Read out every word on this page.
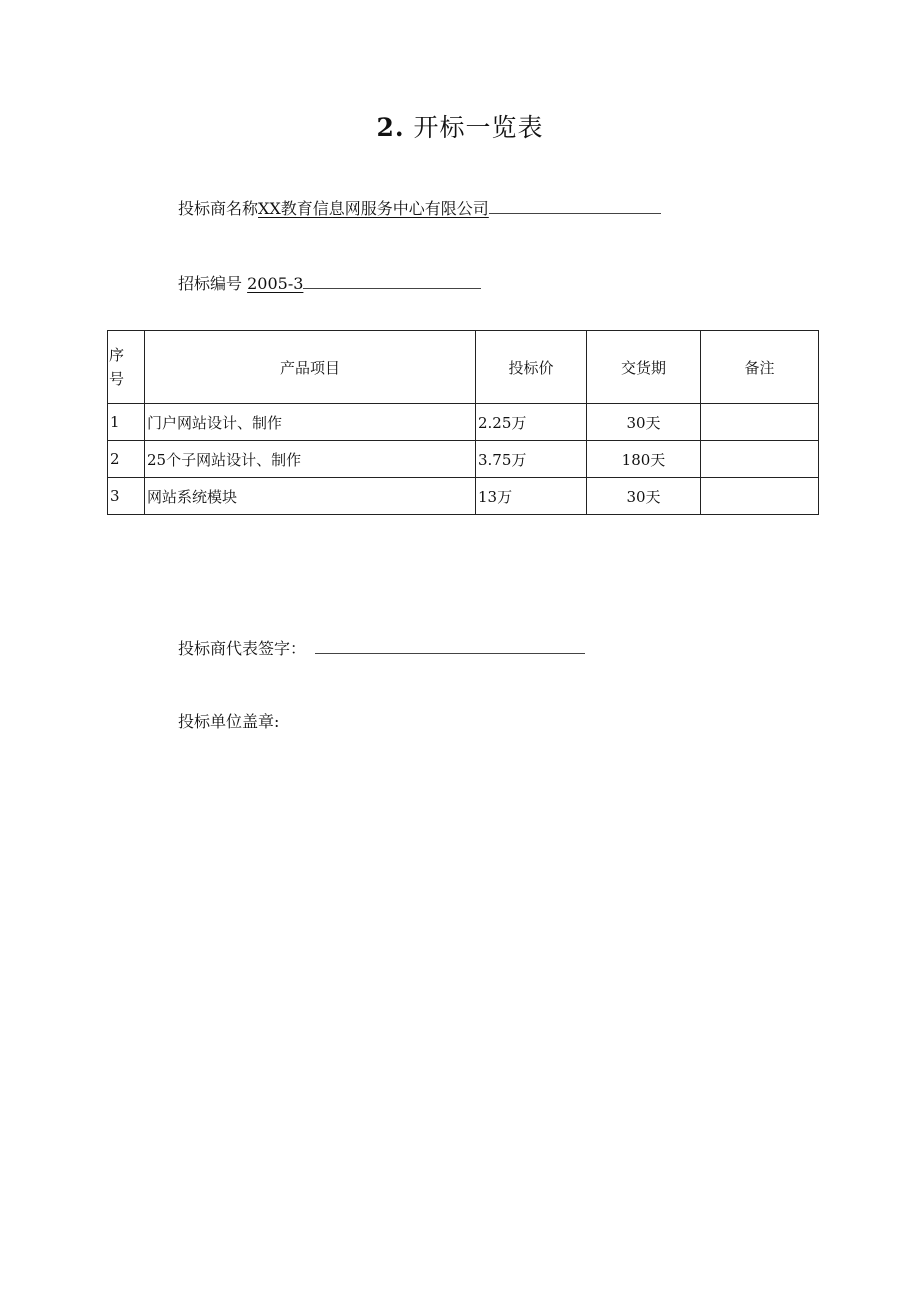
2. 开标一览表
投标商名称XX教育信息网服务中心有限公司
招标编号 2005-3
序
号	产品项目	投标价	交货期	备注
1	门户网站设计、制作	2.25万	30天	
2	25个子网站设计、制作	3.75万	180天	
3	网站系统模块	13万	30天	
投标商代表签字：
投标单位盖章:
